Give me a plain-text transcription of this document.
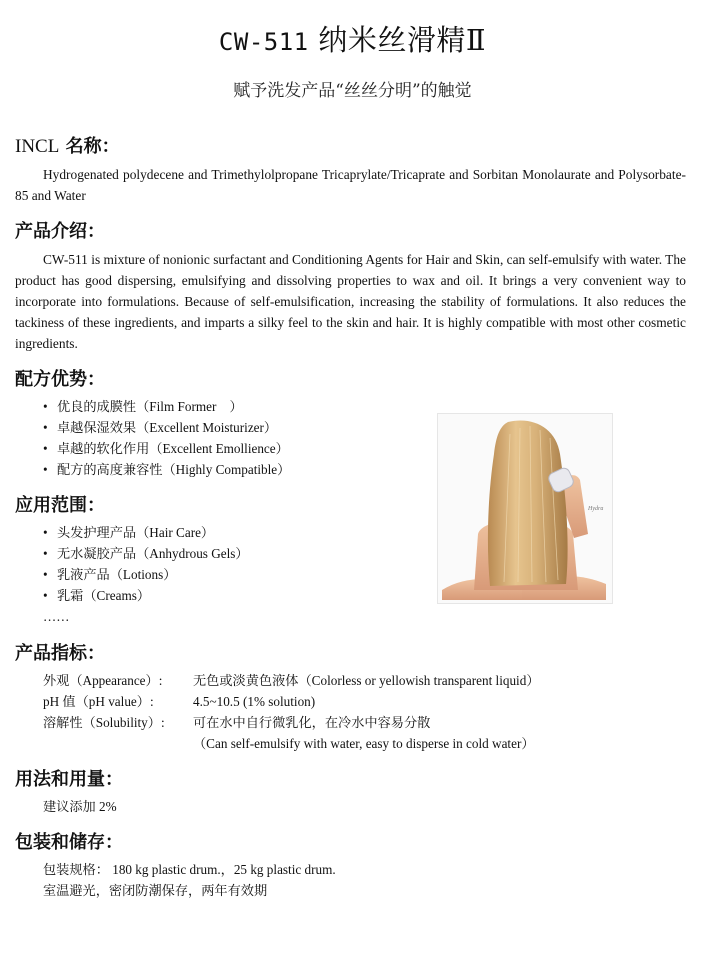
CW-511 纳米丝滑精Ⅱ
赋予洗发产品“丝丝分明”的触觉
INCL 名称：
Hydrogenated polydecene and Trimethylolpropane Tricaprylate/Tricaprate and Sorbitan Monolaurate and Polysorbate-85 and Water
产品介绍：
CW-511 is mixture of nonionic surfactant and Conditioning Agents for Hair and Skin, can self-emulsify with water. The product has good dispersing, emulsifying and dissolving properties to wax and oil. It brings a very convenient way to incorporate into formulations. Because of self-emulsification, increasing the stability of formulations. It also reduces the tackiness of these ingredients, and imparts a silky feel to the skin and hair. It is highly compatible with most other cosmetic ingredients.
配方优势：
• 优良的成膜性（Film Former　）
• 卓越保湿效果（Excellent Moisturizer）
• 卓越的软化作用（Excellent Emollience）
• 配方的高度兼容性（Highly Compatible）
应用范围：
• 头发护理产品（Hair Care）
• 无水凝胶产品（Anhydrous Gels）
• 乳液产品（Lotions）
• 乳霜（Creams）
……
Hydra
产品指标：
外观（Appearance）: 无色或淡黄色液体（Colorless or yellowish transparent liquid）
pH 值（pH value）:	4.5~10.5 (1% solution)
溶解性（Solubility）: 可在水中自行微乳化，在冷水中容易分散
（Can self-emulsify with water, easy to disperse in cold water）
用法和用量：
建议添加 2%
包装和储存：
包装规格： 180 kg plastic drum.，25 kg plastic drum.
室温避光，密闭防潮保存，两年有效期
